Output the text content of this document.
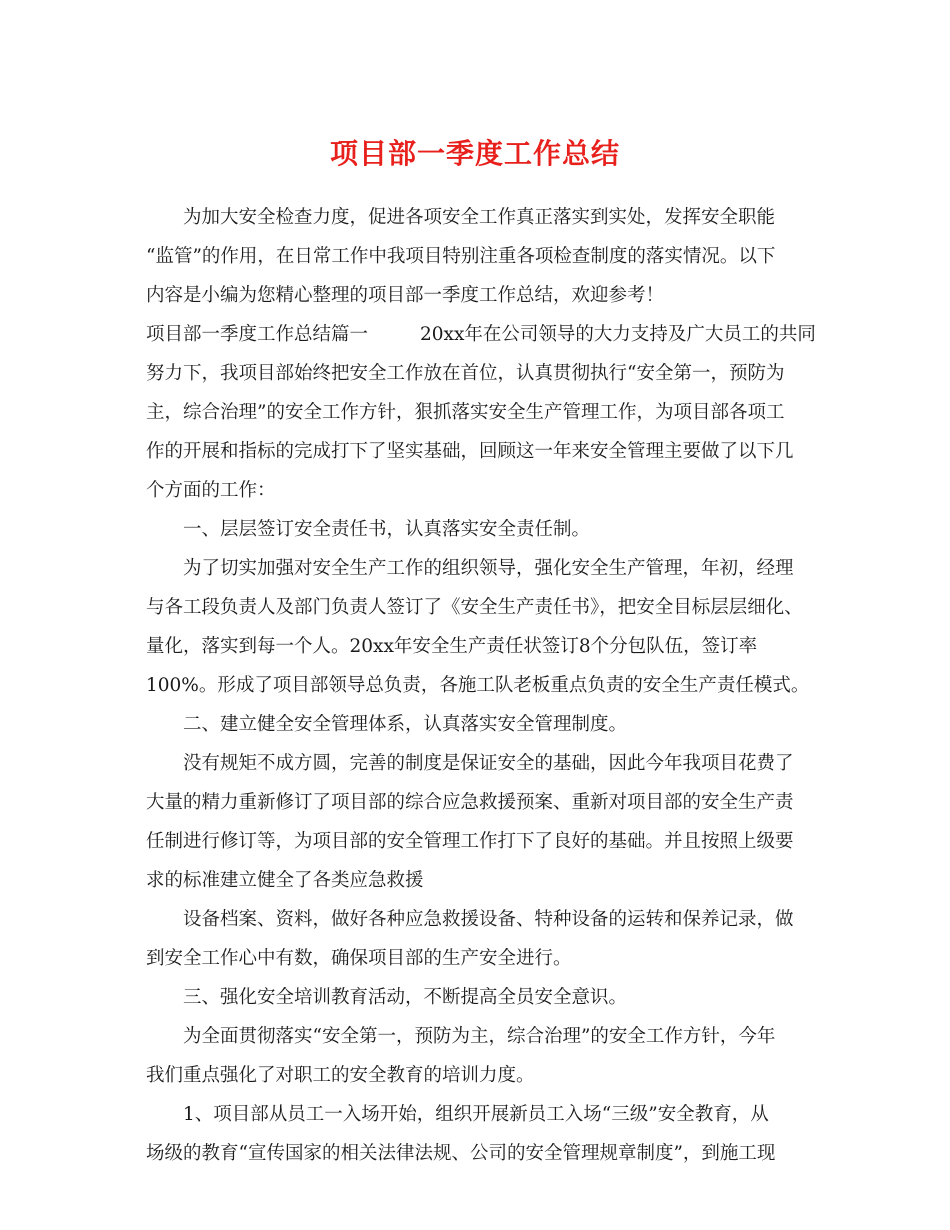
项目部一季度工作总结
为加大安全检查力度，促进各项安全工作真正落实到实处，发挥安全职能
“监管”的作用，在日常工作中我项目特别注重各项检查制度的落实情况。以下
内容是小编为您精心整理的项目部一季度工作总结，欢迎参考！
项目部一季度工作总结篇一	20xx年在公司领导的大力支持及广大员工的共同
努力下，我项目部始终把安全工作放在首位，认真贯彻执行“安全第一，预防为
主，综合治理”的安全工作方针，狠抓落实安全生产管理工作，为项目部各项工
作的开展和指标的完成打下了坚实基础，回顾这一年来安全管理主要做了以下几
个方面的工作：
一、层层签订安全责任书，认真落实安全责任制。
为了切实加强对安全生产工作的组织领导，强化安全生产管理，年初，经理
与各工段负责人及部门负责人签订了《安全生产责任书》，把安全目标层层细化、
量化，落实到每一个人。20xx年安全生产责任状签订8个分包队伍，签订率
100%。形成了项目部领导总负责，各施工队老板重点负责的安全生产责任模式。
二、建立健全安全管理体系，认真落实安全管理制度。
没有规矩不成方圆，完善的制度是保证安全的基础，因此今年我项目花费了
大量的精力重新修订了项目部的综合应急救援预案、重新对项目部的安全生产责
任制进行修订等，为项目部的安全管理工作打下了良好的基础。并且按照上级要
求的标准建立健全了各类应急救援
设备档案、资料，做好各种应急救援设备、特种设备的运转和保养记录，做
到安全工作心中有数，确保项目部的生产安全进行。
三、强化安全培训教育活动，不断提高全员安全意识。
为全面贯彻落实“安全第一，预防为主，综合治理”的安全工作方针，今年
我们重点强化了对职工的安全教育的培训力度。
1、项目部从员工一入场开始，组织开展新员工入场“三级”安全教育，从
场级的教育“宣传国家的相关法律法规、公司的安全管理规章制度”，到施工现
